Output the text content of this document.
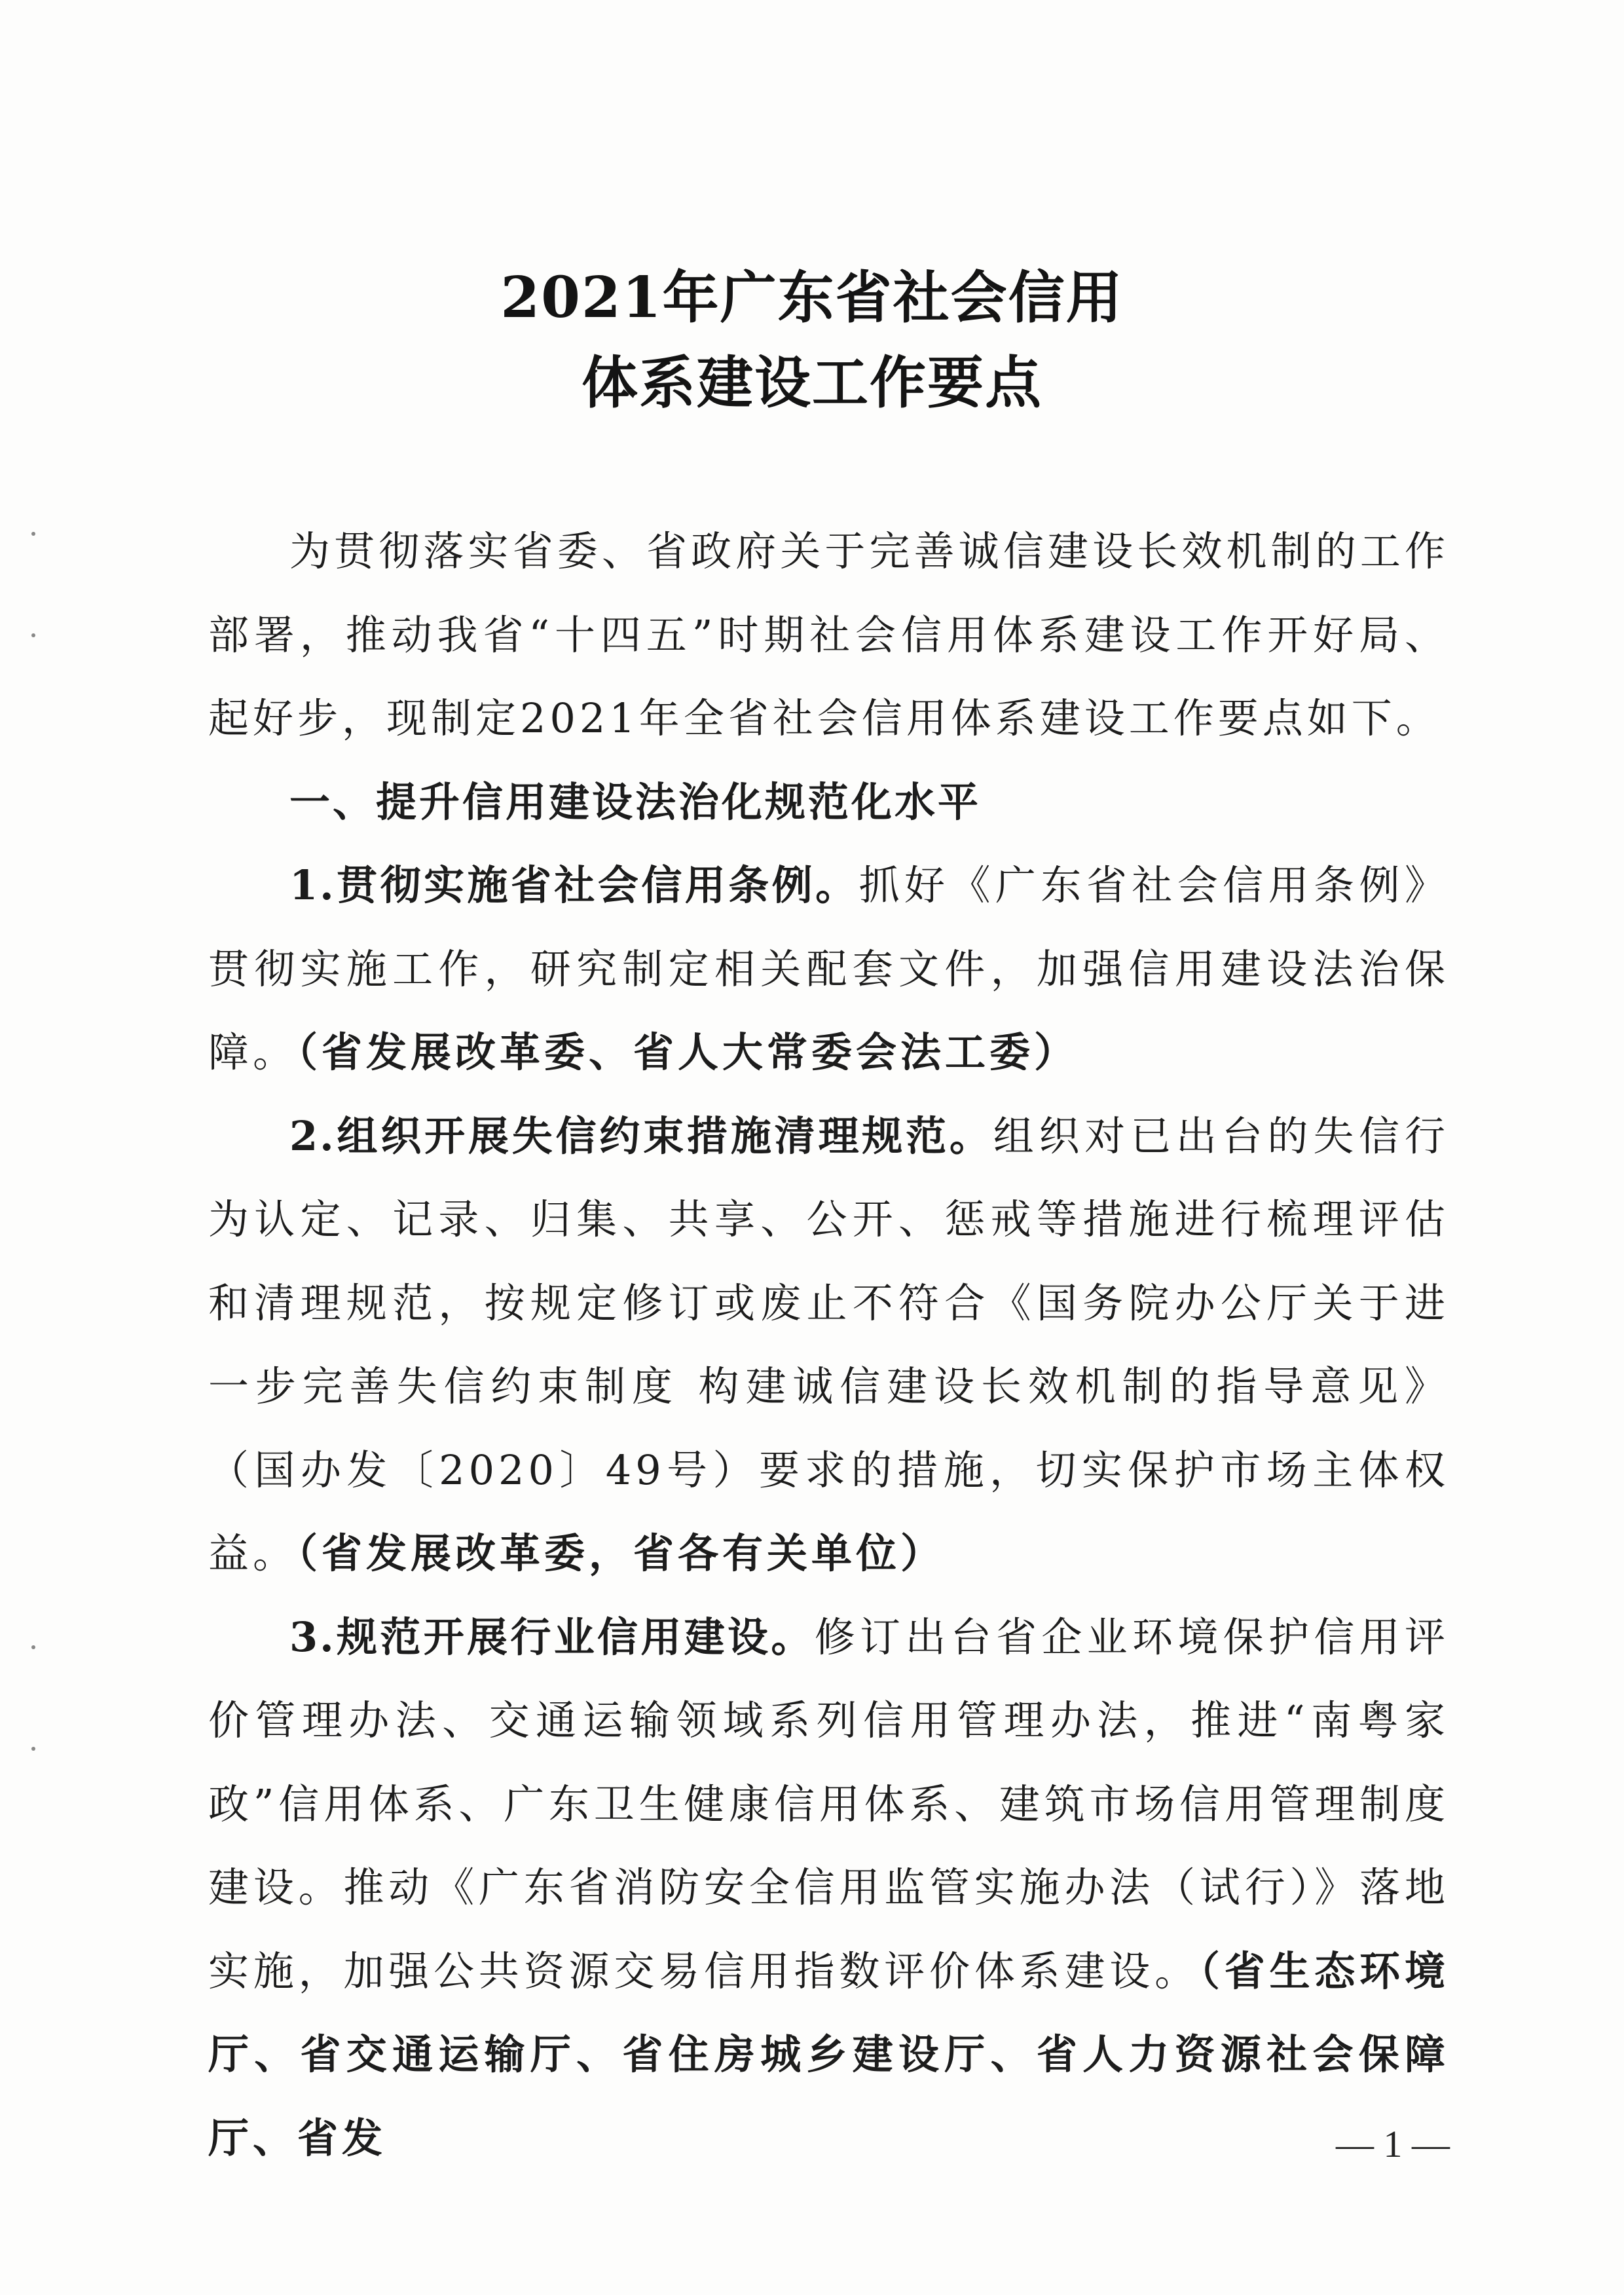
2021年广东省社会信用
体系建设工作要点

为贯彻落实省委、省政府关于完善诚信建设长效机制的工作部署，推动我省“十四五”时期社会信用体系建设工作开好局、起好步，现制定2021年全省社会信用体系建设工作要点如下。

一、提升信用建设法治化规范化水平

1.贯彻实施省社会信用条例。抓好《广东省社会信用条例》贯彻实施工作，研究制定相关配套文件，加强信用建设法治保障。（省发展改革委、省人大常委会法工委）

2.组织开展失信约束措施清理规范。组织对已出台的失信行为认定、记录、归集、共享、公开、惩戒等措施进行梳理评估和清理规范，按规定修订或废止不符合《国务院办公厅关于进一步完善失信约束制度 构建诚信建设长效机制的指导意见》（国办发〔2020〕49号）要求的措施，切实保护市场主体权益。（省发展改革委，省各有关单位）

3.规范开展行业信用建设。修订出台省企业环境保护信用评价管理办法、交通运输领域系列信用管理办法，推进“南粤家政”信用体系、广东卫生健康信用体系、建筑市场信用管理制度建设。推动《广东省消防安全信用监管实施办法（试行）》落地实施，加强公共资源交易信用指数评价体系建设。（省生态环境厅、省交通运输厅、省住房城乡建设厅、省人力资源社会保障厅、省发	— 1 —
